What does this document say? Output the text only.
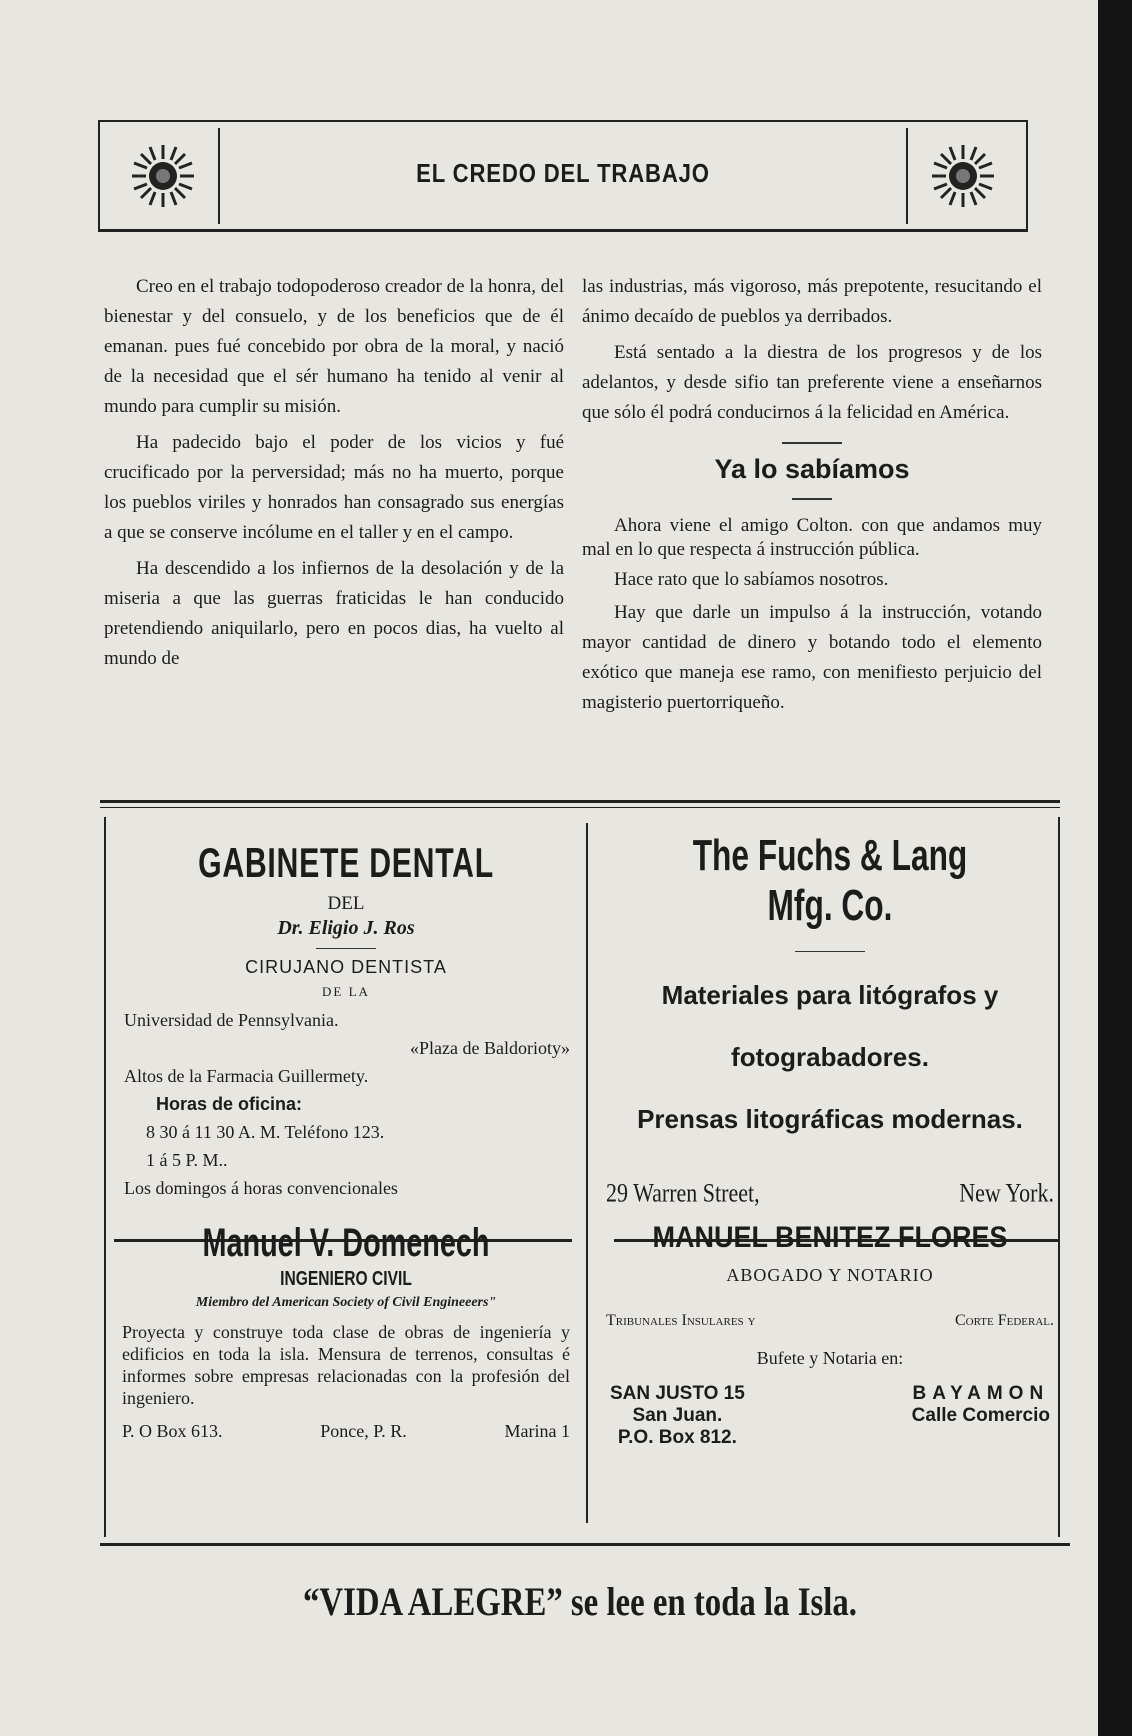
EL CREDO DEL TRABAJO

Creo en el trabajo todopoderoso creador de la honra, del bienestar y del consuelo, y de los beneficios que de él emanan. pues fué concebido por obra de la moral, y nació de la necesidad que el sér humano ha tenido al venir al mundo para cumplir su misión.

Ha padecido bajo el poder de los vicios y fué crucificado por la perversidad; más no ha muerto, porque los pueblos viriles y honrados han consagrado sus energías a que se conserve incólume en el taller y en el campo.

Ha descendido a los infiernos de la desolación y de la miseria a que las guerras fraticidas le han conducido pretendiendo aniquilarlo, pero en pocos dias, ha vuelto al mundo de

las industrias, más vigoroso, más prepotente, resucitando el ánimo decaído de pueblos ya derribados.

Está sentado a la diestra de los progresos y de los adelantos, y desde sifio tan preferente viene a enseñarnos que sólo él podrá conducirnos á la felicidad en América.

Ya lo sabíamos

Ahora viene el amigo Colton. con que andamos muy mal en lo que respecta á instrucción pública.

Hace rato que lo sabíamos nosotros.

Hay que darle un impulso á la instrucción, votando mayor cantidad de dinero y botando todo el elemento exótico que maneja ese ramo, con menifiesto perjuicio del magisterio puertorriqueño.

GABINETE DENTAL
DEL
Dr. Eligio J. Ros
CIRUJANO DENTISTA
DE LA
Universidad de Pennsylvania.
«Plaza de Baldorioty»
Altos de la Farmacia Guillermety.
Horas de oficina:
8 30 á 11 30 A. M. Teléfono 123.
1 á 5 P. M..
Los domingos á horas convencionales
The Fuchs & Lang Mfg. Co.
Materiales para litógrafos y
fotograbadores.
Prensas litográficas modernas.
29 Warren Street,	New York.
Manuel V. Domenech
INGENIERO CIVIL
Miembro del American Society of Civil Engineeers"
Proyecta y construye toda clase de obras de ingeniería y edificios en toda la isla. Mensura de terrenos, consultas é informes sobre empresas relacionadas con la profesión del ingeniero.
P. O Box 613.	Ponce, P. R.	Marina 1
MANUEL BENITEZ FLORES
ABOGADO Y NOTARIO
Tribunales Insulares y	Corte Federal.
Bufete y Notaria en:
SAN JUSTO 15
San Juan.
P.O. Box 812.
BAYAMON
Calle Comercio
“VIDA ALEGRE” se lee en toda la Isla.
